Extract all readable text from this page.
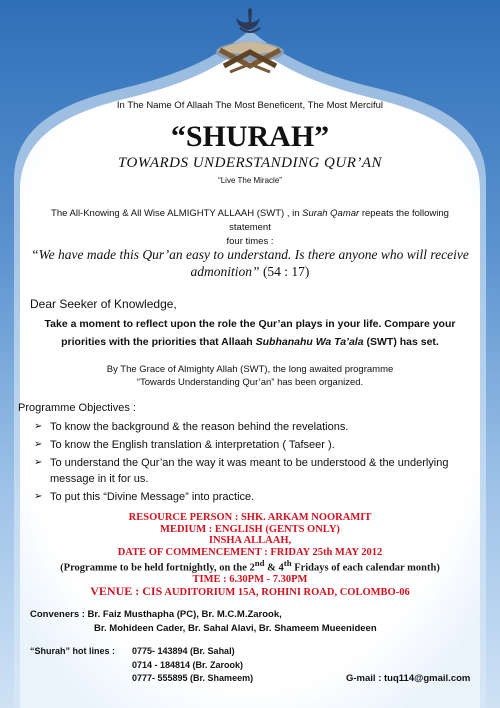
In The Name Of Allaah The Most Beneficent, The Most Merciful
“SHURAH”
TOWARDS UNDERSTANDING QUR’AN
“Live The Miracle”
The All-Knowing & All Wise ALMIGHTY ALLAAH (SWT) , in Surah Qamar repeats the following statement
four times :
“We have made this Qur’an easy to understand. Is there anyone who will receive admonition” (54 : 17)
Dear Seeker of Knowledge,
Take a moment to reflect upon the role the Qur’an plays in your life. Compare your
priorities with the priorities that Allaah Subhanahu Wa Ta’ala (SWT) has set.
By The Grace of Almighty Allah (SWT), the long awaited programme
“Towards Understanding Qur’an” has been organized.
Programme Objectives :
➢ To know the background & the reason behind the revelations.
➢ To know the English translation & interpretation ( Tafseer ).
➢ To understand the Qur’an the way it was meant to be understood & the underlying message in it for us.
➢ To put this “Divine Message” into practice.
RESOURCE PERSON : SHK. ARKAM NOORAMIT
MEDIUM : ENGLISH (GENTS ONLY)
INSHA ALLAAH,
DATE OF COMMENCEMENT : FRIDAY 25th MAY 2012
(Programme to be held fortnightly, on the 2nd & 4th Fridays of each calendar month)
TIME : 6.30PM - 7.30PM
VENUE : CIS AUDITORIUM 15A, ROHINI ROAD, COLOMBO-06
Conveners : Br. Faiz Musthapha (PC), Br. M.C.M.Zarook,
Br. Mohideen Cader, Br. Sahal Alavi, Br. Shameem Mueenideen
“Shurah” hot lines :	0775- 143894 (Br. Sahal)
0714 - 184814 (Br. Zarook)
0777- 555895 (Br. Shameem)	G-mail : tuq114@gmail.com
